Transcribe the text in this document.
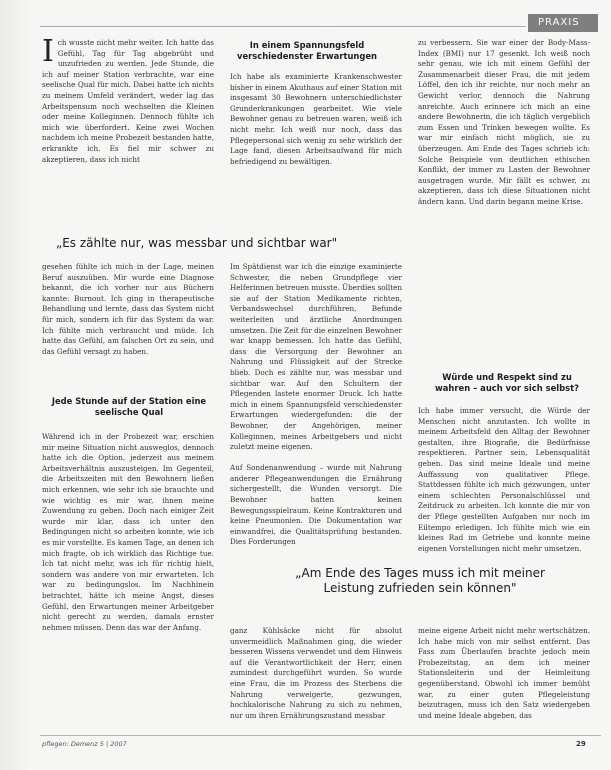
PRAXIS
I ch wusste nicht mehr weiter. Ich hatte das Gefühl, Tag für Tag abgebrüht und unzufrieden zu werden. Jede Stunde, die ich auf meiner Station verbrachte, war eine seelische Qual für mich. Dabei hatte ich nichts zu meinem Umfeld verändert, weder lag das Arbeitspensum noch wechselten die Kleinen oder meine Kolleginnen. Dennoch fühlte ich mich wie überfordert. Keine zwei Wochen nachdem ich meine Probezeit bestanden hatte, erkrankte ich. Es fiel mir schwer zu akzeptieren, dass ich nicht
In einem Spannungsfeld verschiedenster Erwartungen
Ich habe als examinierte Krankenschwester bisher in einem Akuthaus auf einer Station mit insgesamt 30 Bewohnern unterschiedlichster Grunderkrankungen gearbeitet. Wie viele Bewohner genau zu betreuen waren, weiß ich nicht mehr. Ich weiß nur noch, dass das Pflegepersonal sich wenig zu sehr wirklich der Lage fand, diesen Arbeitsaufwand für mich befriedigend zu bewältigen.
zu verbessern. Sie war einer der Body-Mass-Index (BMI) nur 17 gesenkt. Ich weiß noch sehr genau, wie ich mit einem Gefühl der Zusammenarbeit dieser Frau, die mit jedem Löffel, den ich ihr reichte, nur noch mehr an Gewicht verlor, dennoch die Nahrung anreichte. Auch erinnere ich mich an eine andere Bewohnerin, die ich täglich vergeblich zum Essen und Trinken bewegen wollte. Es war mir einfach nicht möglich, sie zu überzeugen. Am Ende des Tages schrieb ich: Solche Beispiele von deutlichen ethischen Konflikt, der immer zu Lasten der Bewohner ausgetragen wurde. Mir fällt es schwer, zu akzeptieren, dass ich diese Situationen nicht ändern kann. Und darin begann meine Krise.
„Es zählte nur, was messbar und sichtbar war"
gesehen fühlte ich mich in der Lage, meinen Beruf auszuüben. Mir wurde eine Diagnose bekannt, die ich vorher nur aus Büchern kannte: Burnout. Ich ging in therapeutische Behandlung und lernte, dass das System nicht für mich, sondern ich für das System da war. Ich fühlte mich verbraucht und müde. Ich hatte das Gefühl, am falschen Ort zu sein, und das Gefühl versagt zu haben.
Jede Stunde auf der Station eine seelische Qual
Während ich in der Probezeit war, erschien mir meine Situation nicht ausweglos, dennoch hatte ich die Option, jederzeit aus meinem Arbeitsverhältnis auszusteigen. Im Gegenteil, die Arbeitszeiten mit den Bewohnern ließen mich erkennen, wie sehr ich sie brauchte und wie wichtig es mir war, ihnen meine Zuwendung zu geben. Doch nach einiger Zeit wurde mir klar, dass ich unter den Bedingungen nicht so arbeiten konnte, wie ich es mir vorstellte. Es kamen Tage, an denen ich mich fragte, ob ich wirklich das Richtige tue. Ich tat nicht mehr, was ich für richtig hielt, sondern was andere von mir erwarteten. Ich war zu bedingungslos. Im Nachhinein betrachtet, hätte ich meine Angst, dieses Gefühl, den Erwartungen meiner Arbeitgeber nicht gerecht zu werden, damals ernster nehmen müssen. Denn das war der Anfang.

Im Spätdienst war ich die einzige examinierte Schwester, die neben Grundpflege vier Helferinnen betreuen musste. Überdies sollten sie auf der Station Medikamente richten, Verbandswechsel durchführen, Befunde weiterleiten und ärztliche Anordnungen umsetzen. Die Zeit für die einzelnen Bewohner war knapp bemessen. Ich hatte das Gefühl, dass die Versorgung der Bewohner an Nahrung und Flüssigkeit auf der Strecke blieb. Doch es zählte nur, was messbar und sichtbar war. Auf den Schultern der Pflegenden lastete enormer Druck. Ich hatte mich in einem Spannungsfeld verschiedenster Erwartungen wiedergefunden: die der Bewohner, der Angehörigen, meiner Kolleginnen, meines Arbeitgebers und nicht zuletzt meine eigenen.

Auf Sondenanwendung – wurde mit Nahrung anderer Pflegeanwendungen die Ernährung sichergestellt, die Wunden versorgt. Die Bewohner hatten keinen Bewegungsspielraum. Keine Kontrakturen und keine Pneumonien. Die Dokumentation war einwandfrei, die Qualitätsprüfung bestanden. Dies Forderungen

Würde und Respekt sind zu wahren – auch vor sich selbst?
Ich habe immer versucht, die Würde der Menschen nicht anzutasten. Ich wollte in meinem Arbeitsfeld den Alltag der Bewohner gestalten, ihre Biografie, die Bedürfnisse respektieren. Partner sein, Lebensqualität geben. Das sind meine Ideale und meine Auffassung von qualitativer Pflege. Stattdessen fühlte ich mich gezwungen, unter einem schlechten Personalschlüssel und Zeitdruck zu arbeiten. Ich konnte die mir von der Pflege gestellten Aufgaben nur noch im Eiltempo erledigen. Ich fühlte mich wie ein kleines Rad im Getriebe und konnte meine eigenen Vorstellungen nicht mehr umsetzen.
„Am Ende des Tages muss ich mit meiner Leistung zufrieden sein können"
ganz Kühlsäcke nicht für absolut unvermeidlich Maßnahmen ging, die wieder besseren Wissens verwendet und dem Hinweis auf die Verantwortlichkeit der Herr, einen zumindest durchgeführt wurden. So wurde eine Frau, die im Prozess des Sterbens die Nahrung verweigerte, gezwungen, hochkalorische Nahrung zu sich zu nehmen, nur um ihren Ernährungszustand messbar
meine eigene Arbeit nicht mehr wertschätzen. Ich habe mich von mir selbst entfernt. Das Fass zum Überlaufen brachte jedoch mein Probezeitstag, an dem ich meiner Stationsleiterin und der Heimleitung gegenüberstand. Obwohl ich immer bemüht war, zu einer guten Pflegeleistung beizutragen, muss ich den Satz wiedergeben und meine Ideale abgeben, das
pflegen: Demenz 5 | 2007	29
